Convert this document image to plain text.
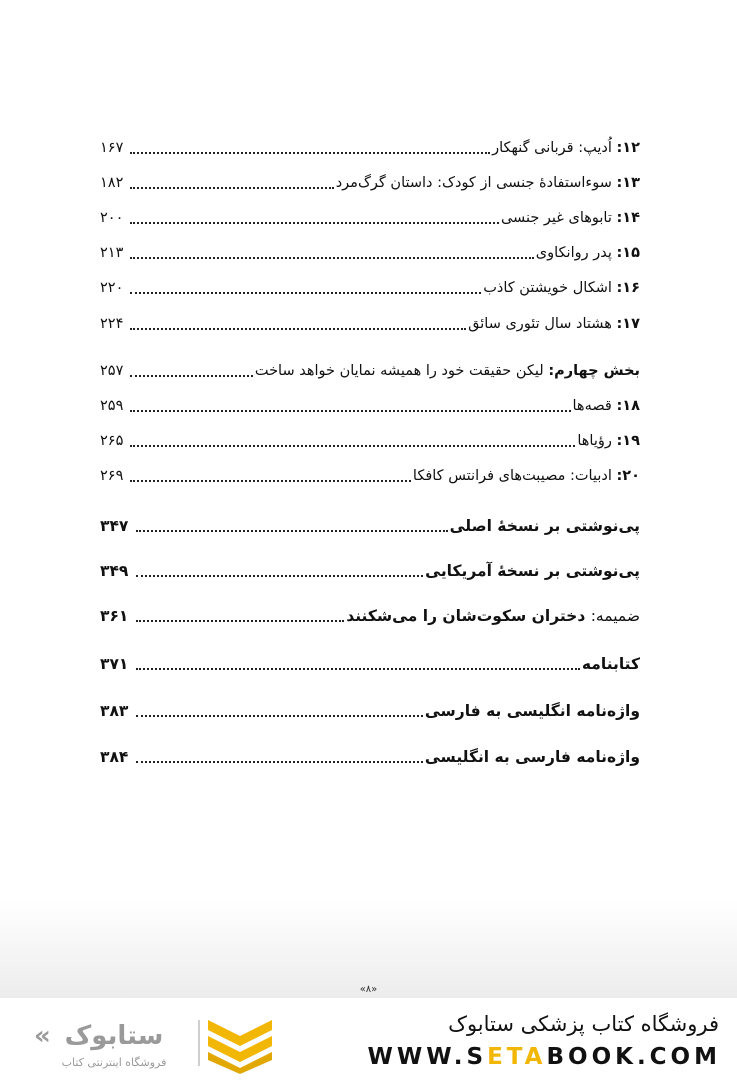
۱۲: اُدیپ: قربانی گنهکار
۱۶۷
۱۳: سوءاستفادهٔ جنسی از کودک: داستان گرگ‌مرد
۱۸۲
۱۴: تابوهای غیر جنسی
۲۰۰
۱۵: پدر روانکاوی
۲۱۳
۱۶: اشکال خویشتن کاذب
۲۲۰
۱۷: هشتاد سال تئوری سائق
۲۲۴
بخش چهارم: لیکن حقیقت خود را همیشه نمایان خواهد ساخت
۲۵۷
۱۸: قصه‌ها
۲۵۹
۱۹: رؤیاها
۲۶۵
۲۰: ادبیات: مصیبت‌های فرانتس کافکا
۲۶۹
پی‌نوشتی بر نسخهٔ اصلی
۳۴۷
پی‌نوشتی بر نسخهٔ آمریکایی
۳۴۹
ضمیمه: دختران سکوت‌شان را می‌شکنند
۳۶۱
کتابنامه
۳۷۱
واژه‌نامه انگلیسی به فارسی
۳۸۳
واژه‌نامه فارسی به انگلیسی
۳۸۴
«۸»
ستابوک
فروشگاه اینترنتی کتاب
«	فروشگاه کتاب پزشکی ستابوک
WWW.SETABOOK.COM
